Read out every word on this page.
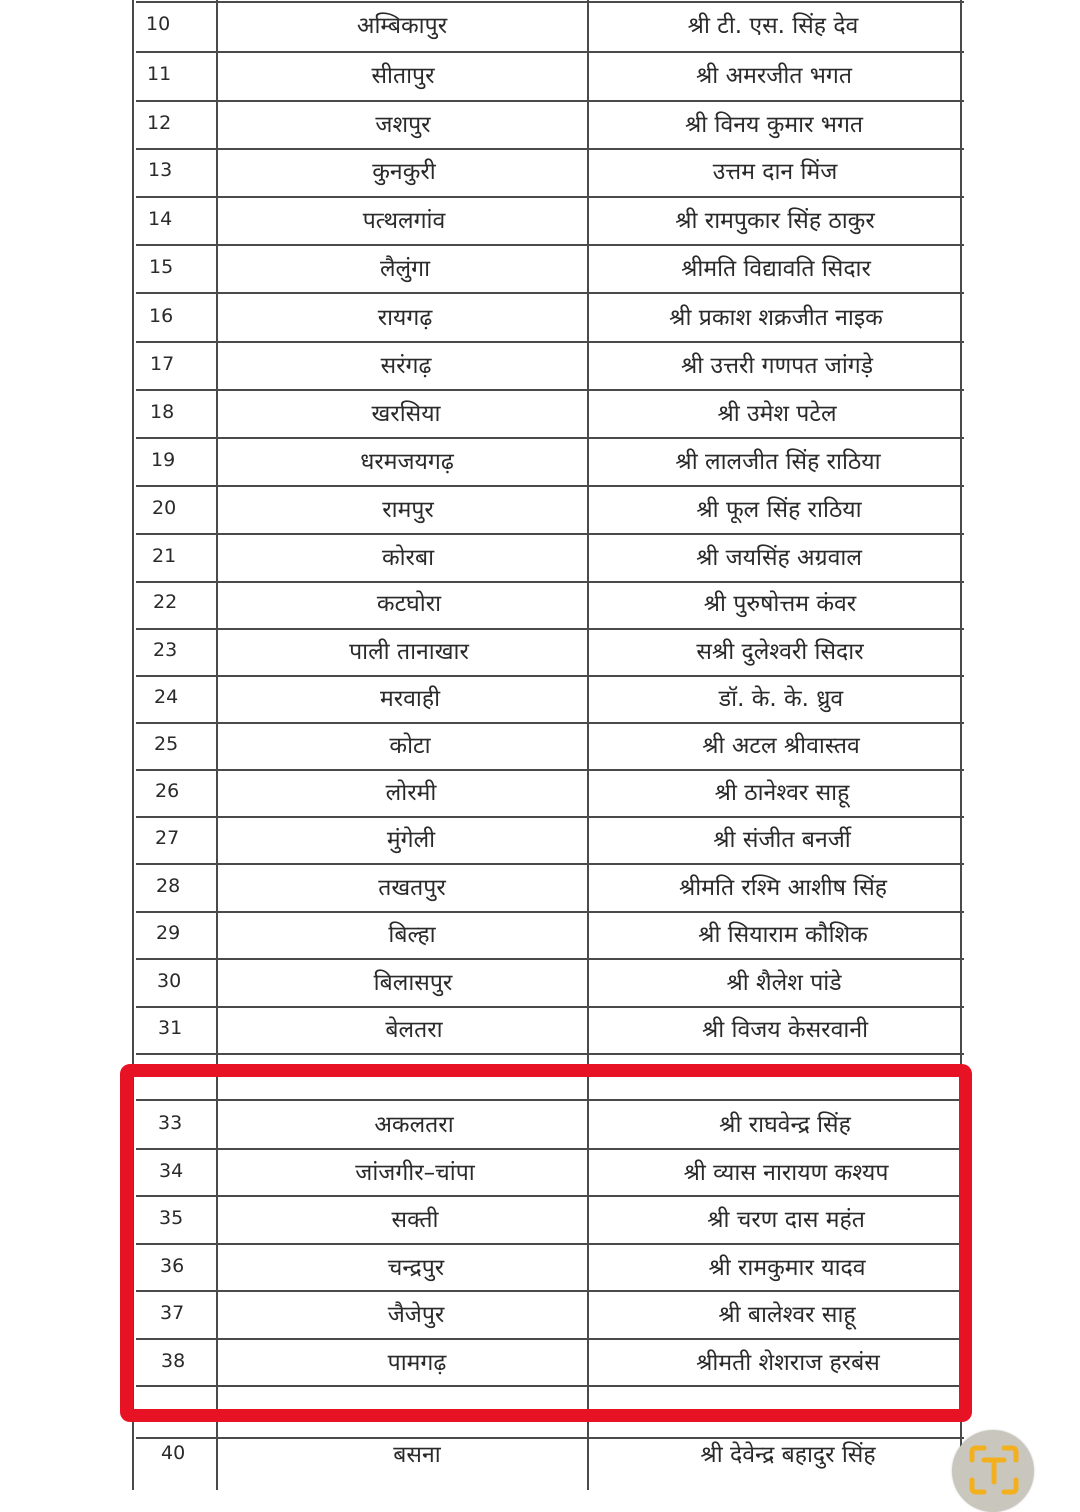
10	अम्बिकापुर	श्री टी. एस. सिंह देव
11	सीतापुर	श्री अमरजीत भगत
12	जशपुर	श्री विनय कुमार भगत
13	कुनकुरी	उत्तम दान मिंज
14	पत्थलगांव	श्री रामपुकार सिंह ठाकुर
15	लैलुंगा	श्रीमति विद्यावति सिदार
16	रायगढ़	श्री प्रकाश शक्रजीत नाइक
17	सरंगढ़	श्री उत्तरी गणपत जांगड़े
18	खरसिया	श्री उमेश पटेल
19	धरमजयगढ़	श्री लालजीत सिंह राठिया
20	रामपुर	श्री फूल सिंह राठिया
21	कोरबा	श्री जयसिंह अग्रवाल
22	कटघोरा	श्री पुरुषोत्तम कंवर
23	पाली तानाखार	सश्री दुलेश्वरी सिदार
24	मरवाही	डॉ. के. के. ध्रुव
25	कोटा	श्री अटल श्रीवास्तव
26	लोरमी	श्री ठानेश्वर साहू
27	मुंगेली	श्री संजीत बनर्जी
28	तखतपुर	श्रीमति रश्मि आशीष सिंह
29	बिल्हा	श्री सियाराम कौशिक
30	बिलासपुर	श्री शैलेश पांडे
31	बेलतरा	श्री विजय केसरवानी
33	अकलतरा	श्री राघवेन्द्र सिंह
34	जांजगीर–चांपा	श्री व्यास नारायण कश्यप
35	सक्ती	श्री चरण दास महंत
36	चन्द्रपुर	श्री रामकुमार यादव
37	जैजेपुर	श्री बालेश्वर साहू
38	पामगढ़	श्रीमती शेशराज हरबंस
40	बसना	श्री देवेन्द्र बहादुर सिंह
